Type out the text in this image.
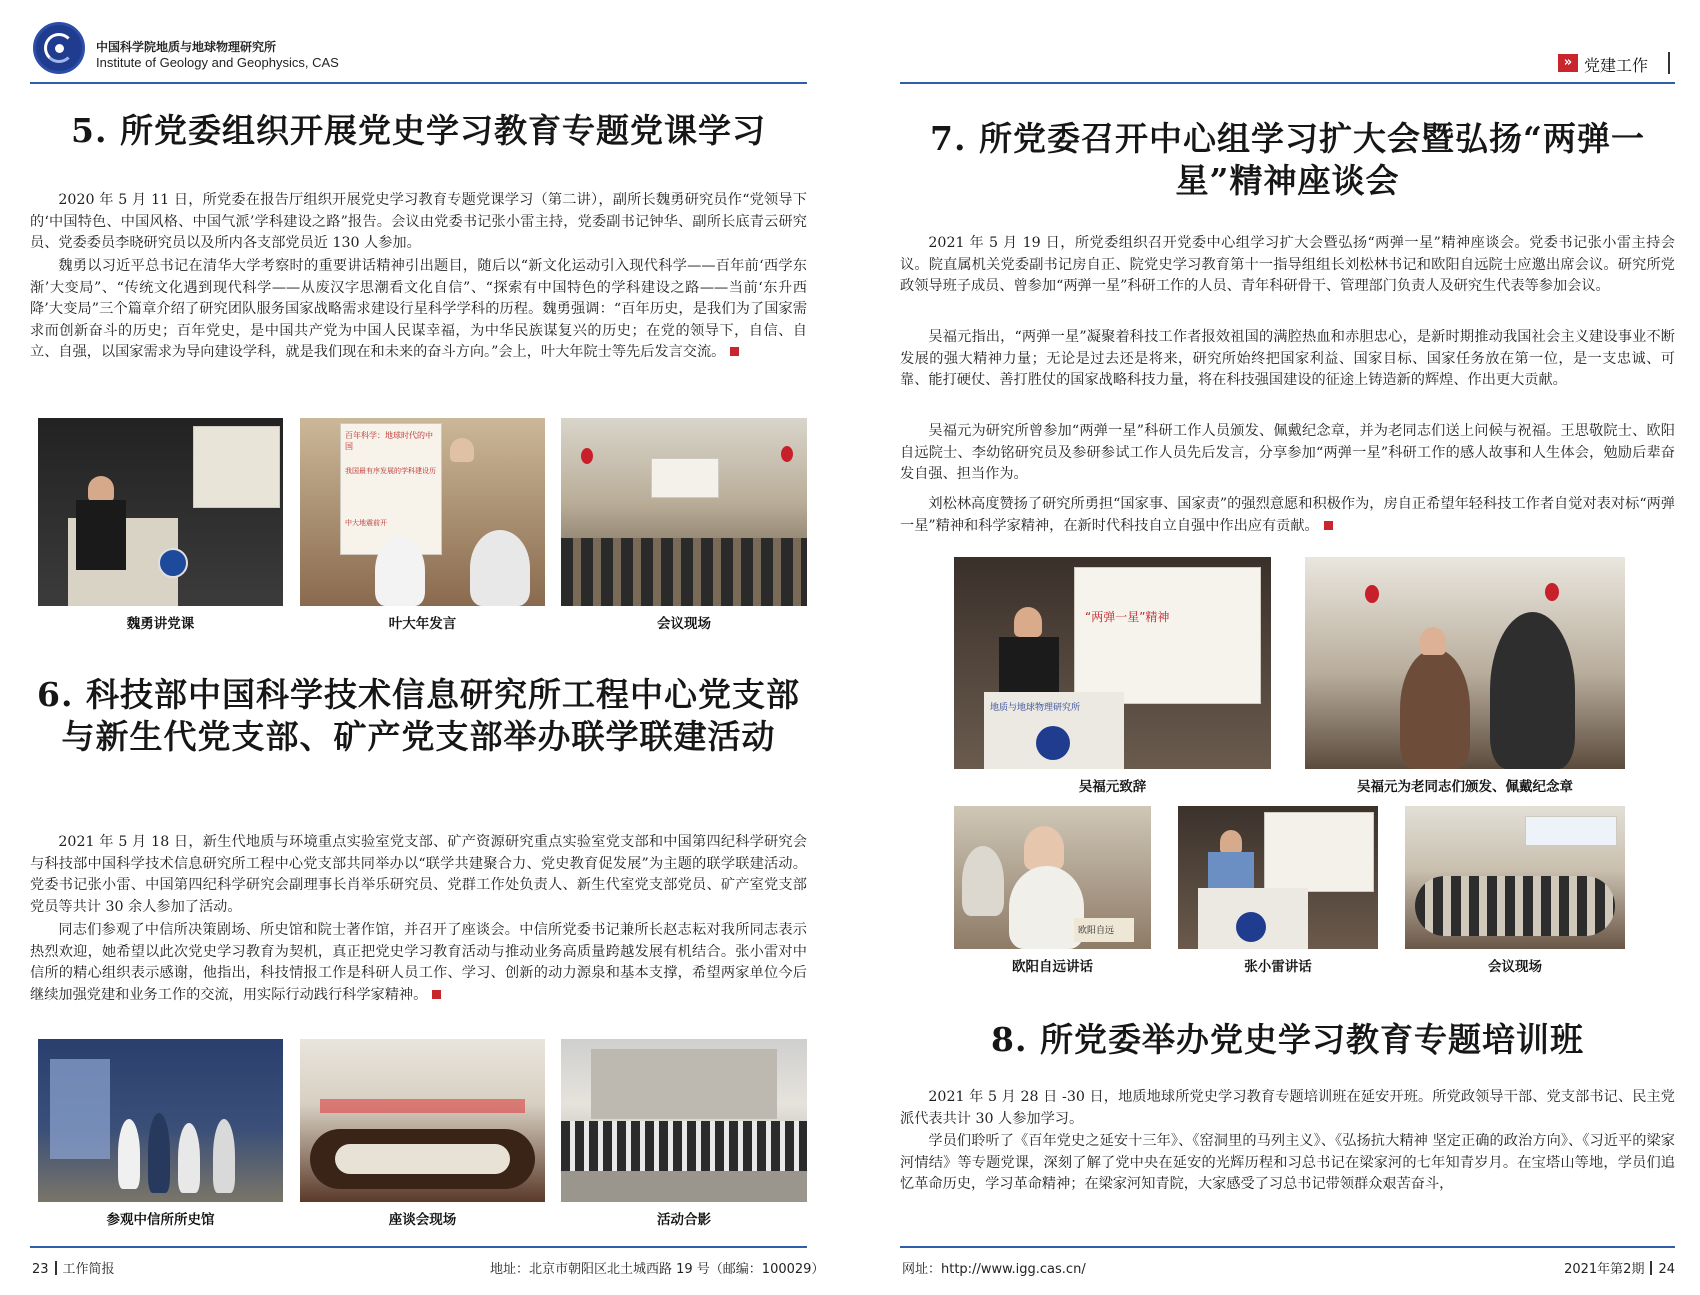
中国科学院地质与地球物理研究所
Institute of Geology and Geophysics, CAS
5. 所党委组织开展党史学习教育专题党课学习

2020 年 5 月 11 日，所党委在报告厅组织开展党史学习教育专题党课学习（第二讲），副所长魏勇研究员作“党领导下的‘中国特色、中国风格、中国气派’学科建设之路”报告。会议由党委书记张小雷主持，党委副书记钟华、副所长底青云研究员、党委委员李晓研究员以及所内各支部党员近 130 人参加。

魏勇以习近平总书记在清华大学考察时的重要讲话精神引出题目，随后以“新文化运动引入现代科学——百年前‘西学东渐’大变局”、“传统文化遇到现代科学——从废汉字思潮看文化自信”、“探索有中国特色的学科建设之路——当前‘东升西降’大变局”三个篇章介绍了研究团队服务国家战略需求建设行星科学学科的历程。魏勇强调：“百年历史，是我们为了国家需求而创新奋斗的历史；百年党史，是中国共产党为中国人民谋幸福，为中华民族谋复兴的历史；在党的领导下，自信、自立、自强，以国家需求为导向建设学科，就是我们现在和未来的奋斗方向。”会上，叶大年院士等先后发言交流。

百年科学：地球时代的中国
我国最有序发展的学科建设历
中大地震前开
魏勇讲党课	叶大年发言	会议现场
6. 科技部中国科学技术信息研究所工程中心党支部与新生代党支部、矿产党支部举办联学联建活动

2021 年 5 月 18 日，新生代地质与环境重点实验室党支部、矿产资源研究重点实验室党支部和中国第四纪科学研究会与科技部中国科学技术信息研究所工程中心党支部共同举办以“联学共建聚合力、党史教育促发展”为主题的联学联建活动。党委书记张小雷、中国第四纪科学研究会副理事长肖举乐研究员、党群工作处负责人、新生代室党支部党员、矿产室党支部党员等共计 30 余人参加了活动。

同志们参观了中信所决策剧场、所史馆和院士著作馆，并召开了座谈会。中信所党委书记兼所长赵志耘对我所同志表示热烈欢迎，她希望以此次党史学习教育为契机，真正把党史学习教育活动与推动业务高质量跨越发展有机结合。张小雷对中信所的精心组织表示感谢，他指出，科技情报工作是科研人员工作、学习、创新的动力源泉和基本支撑，希望两家单位今后继续加强党建和业务工作的交流，用实际行动践行科学家精神。

参观中信所所史馆	座谈会现场	活动合影
23 工作简报	地址：北京市朝阳区北土城西路 19 号（邮编：100029）
» 党建工作
7. 所党委召开中心组学习扩大会暨弘扬“两弹一星”精神座谈会

2021 年 5 月 19 日，所党委组织召开党委中心组学习扩大会暨弘扬“两弹一星”精神座谈会。党委书记张小雷主持会议。院直属机关党委副书记房自正、院党史学习教育第十一指导组组长刘松林书记和欧阳自远院士应邀出席会议。研究所党政领导班子成员、曾参加“两弹一星”科研工作的人员、青年科研骨干、管理部门负责人及研究生代表等参加会议。

吴福元指出，“两弹一星”凝聚着科技工作者报效祖国的满腔热血和赤胆忠心，是新时期推动我国社会主义建设事业不断发展的强大精神力量；无论是过去还是将来，研究所始终把国家利益、国家目标、国家任务放在第一位，是一支忠诚、可靠、能打硬仗、善打胜仗的国家战略科技力量，将在科技强国建设的征途上铸造新的辉煌、作出更大贡献。

吴福元为研究所曾参加“两弹一星”科研工作人员颁发、佩戴纪念章，并为老同志们送上问候与祝福。王思敬院士、欧阳自远院士、李幼铭研究员及参研参试工作人员先后发言，分享参加“两弹一星”科研工作的感人故事和人生体会，勉励后辈奋发自强、担当作为。

刘松林高度赞扬了研究所勇担“国家事、国家责”的强烈意愿和积极作为，房自正希望年轻科技工作者自觉对表对标“两弹一星”精神和科学家精神，在新时代科技自立自强中作出应有贡献。

“两弹一星”精神
地质与地球物理研究所
吴福元致辞	吴福元为老同志们颁发、佩戴纪念章
欧阳自远
欧阳自远讲话	张小雷讲话	会议现场
8. 所党委举办党史学习教育专题培训班

2021 年 5 月 28 日 -30 日，地质地球所党史学习教育专题培训班在延安开班。所党政领导干部、党支部书记、民主党派代表共计 30 人参加学习。

学员们聆听了《百年党史之延安十三年》、《窑洞里的马列主义》、《弘扬抗大精神 坚定正确的政治方向》、《习近平的梁家河情结》等专题党课，深刻了解了党中央在延安的光辉历程和习总书记在梁家河的七年知青岁月。在宝塔山等地，学员们追忆革命历史，学习革命精神；在梁家河知青院，大家感受了习总书记带领群众艰苦奋斗，

网址：http://www.igg.cas.cn/	2021年第2期 24
